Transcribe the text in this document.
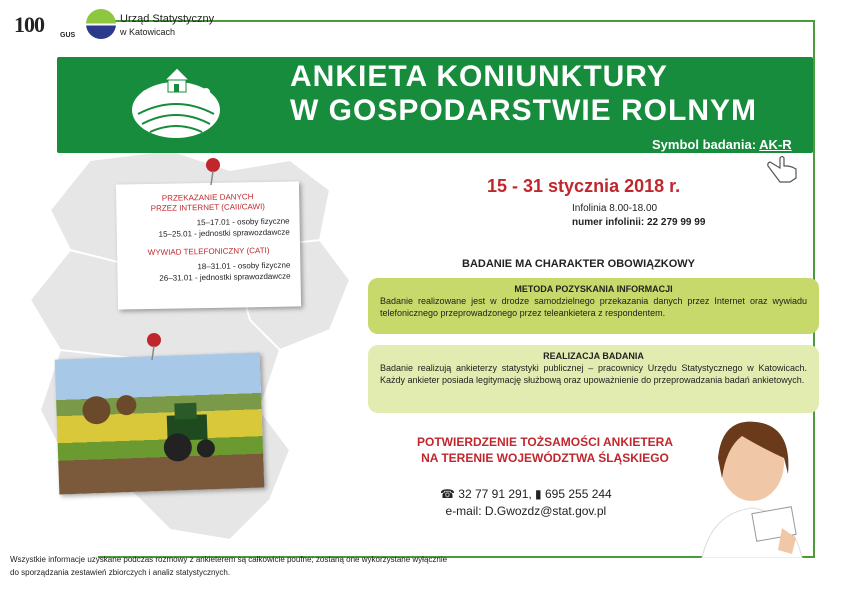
100 GUS
Urząd Statystyczny
w Katowicach
ANKIETA KONIUNKTURY
W GOSPODARSTWIE ROLNYM
Symbol badania: AK-R
PRZEKAZANIE DANYCH
PRZEZ INTERNET (CAII/CAWI)
15–17.01 - osoby fizyczne
15–25.01 - jednostki sprawozdawcze
WYWIAD TELEFONICZNY (CATI)
18–31.01 - osoby fizyczne
26–31.01 - jednostki sprawozdawcze
15 - 31 stycznia 2018 r.
Infolinia 8.00-18.00
numer infolinii: 22 279 99 99
BADANIE MA CHARAKTER OBOWIĄZKOWY
METODA POZYSKANIA INFORMACJI
Badanie realizowane jest w drodze samodzielnego przekazania danych przez Internet oraz wywiadu telefonicznego przeprowadzonego przez teleankietera z respondentem.
REALIZACJA BADANIA
Badanie realizują ankieterzy statystyki publicznej – pracownicy Urzędu Statystycznego w Katowicach. Każdy ankieter posiada legitymację służbową oraz upoważnienie do przeprowadzania badań ankietowych.
POTWIERDZENIE TOŻSAMOŚCI ANKIETERA
NA TERENIE WOJEWÓDZTWA ŚLĄSKIEGO
☎ 32 77 91 291, ▮ 695 255 244
e-mail: D.Gwozdz@stat.gov.pl
Wszystkie informacje uzyskane podczas rozmowy z ankieterem są całkowicie poufne; zostaną one wykorzystane wyłącznie
do sporządzania zestawień zbiorczych i analiz statystycznych.
